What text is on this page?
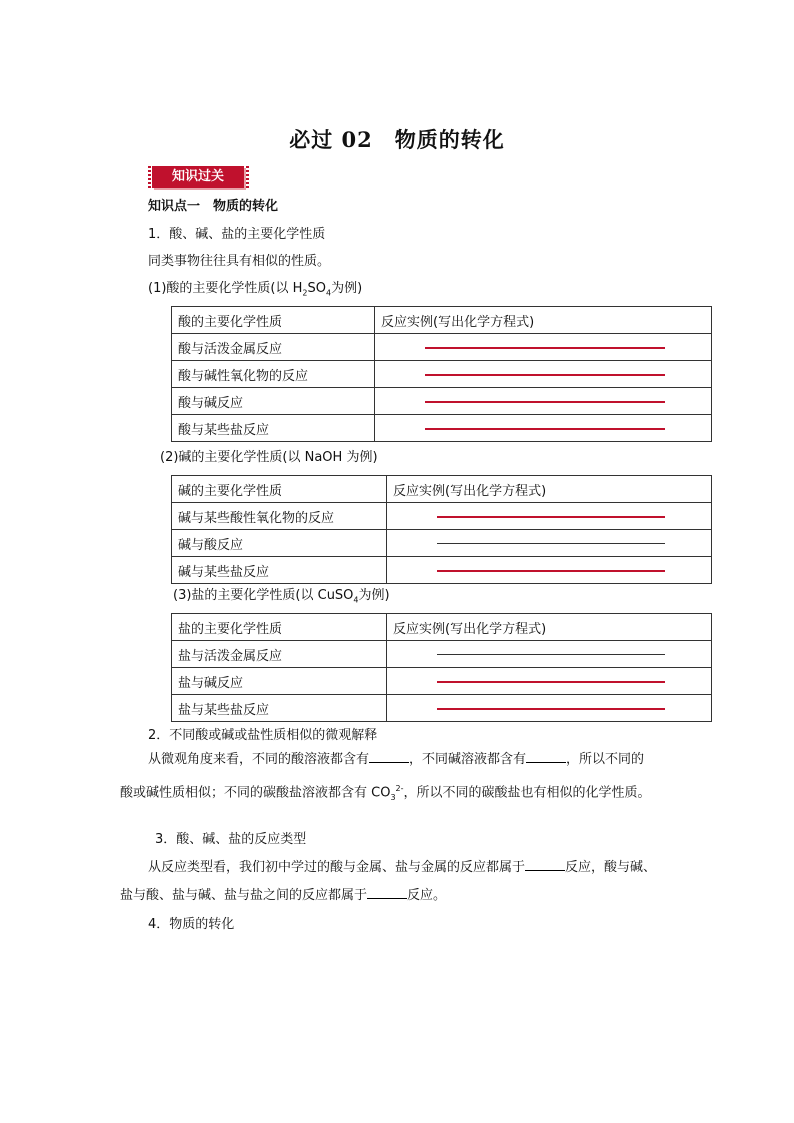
必过 02　物质的转化
知识过关
知识点一　物质的转化
1．酸、碱、盐的主要化学性质
同类事物往往具有相似的性质。
(1)酸的主要化学性质(以 $H_2SO_4$为例)
酸的主要化学性质	反应实例(写出化学方程式)
酸与活泼金属反应	

酸与碱性氧化物的反应	

酸与碱反应	

酸与某些盐反应	
(2)碱的主要化学性质(以 NaOH 为例)
碱的主要化学性质	反应实例(写出化学方程式)
碱与某些酸性氧化物的反应	

碱与酸反应	

碱与某些盐反应	
(3)盐的主要化学性质(以 CuSO$_4$为例)
盐的主要化学性质	反应实例(写出化学方程式)
盐与活泼金属反应	

盐与碱反应	

盐与某些盐反应	
2．不同酸或碱或盐性质相似的微观解释
从微观角度来看，不同的酸溶液都含有	，不同碱溶液都含有	，所以不同的
酸或碱性质相似；不同的碳酸盐溶液都含有 $CO_3^{2-}$，所以不同的碳酸盐也有相似的化学性质。
3．酸、碱、盐的反应类型
从反应类型看，我们初中学过的酸与金属、盐与金属的反应都属于	反应，酸与碱、
盐与酸、盐与碱、盐与盐之间的反应都属于	反应。
4．物质的转化
